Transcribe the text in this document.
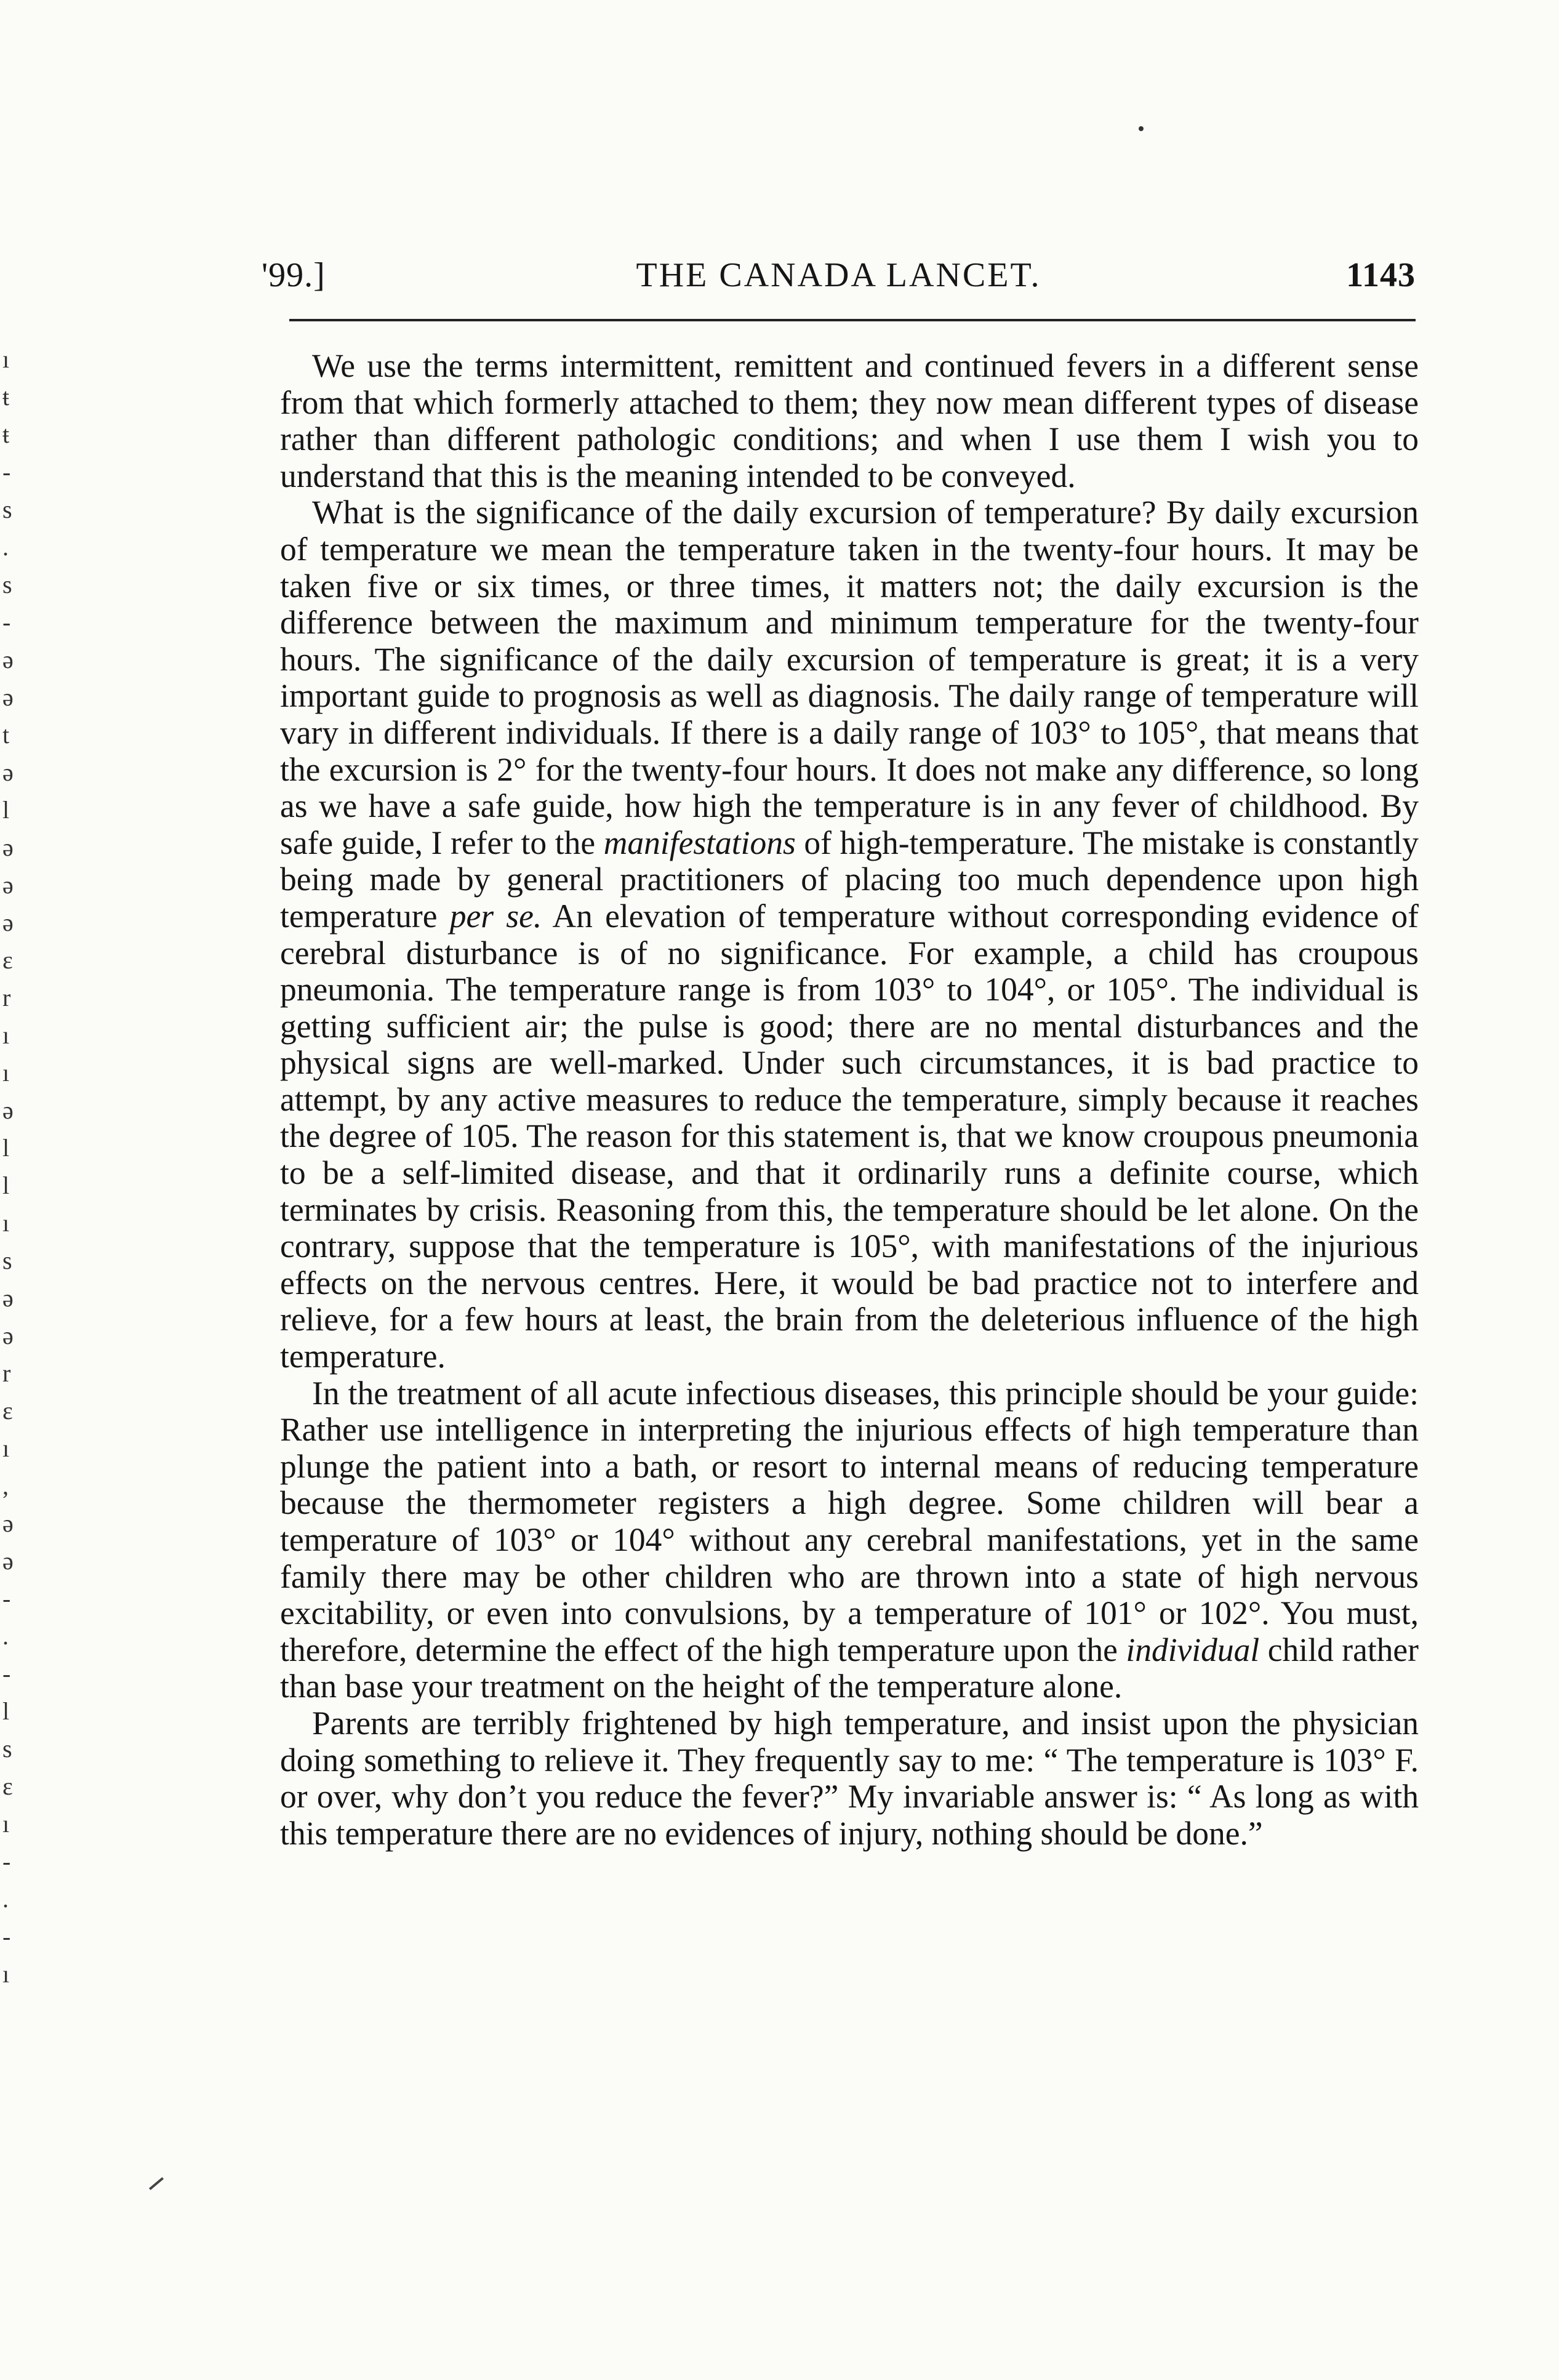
ı
ŧ
ŧ
-
s
.
s
-
ə
ə
t
ə
l
ə
ə
ə
ɛ
r
ı
ı
ə
l
l
ı
s
ə
ə
r
ɛ
ı
,
ə
ə
-
.
-
l
s
ɛ
ı
-
.
-
ı
'99.]	THE CANADA LANCET.	1143

We use the terms intermittent, remittent and continued fevers in a different sense from that which formerly attached to them; they now mean different types of disease rather than different pathologic conditions; and when I use them I wish you to understand that this is the meaning intended to be conveyed.

What is the significance of the daily excursion of temperature? By daily excursion of temperature we mean the temperature taken in the twenty-four hours. It may be taken five or six times, or three times, it matters not; the daily excursion is the difference between the maximum and minimum temperature for the twenty-four hours. The significance of the daily excursion of temperature is great; it is a very important guide to prognosis as well as diagnosis. The daily range of temperature will vary in different individuals. If there is a daily range of 103° to 105°, that means that the excursion is 2° for the twenty-four hours. It does not make any difference, so long as we have a safe guide, how high the temperature is in any fever of childhood. By safe guide, I refer to the manifestations of high-temperature. The mistake is constantly being made by general practitioners of placing too much dependence upon high temperature per se. An elevation of temperature without corresponding evidence of cerebral disturbance is of no significance. For example, a child has croupous pneumonia. The temperature range is from 103° to 104°, or 105°. The individual is getting sufficient air; the pulse is good; there are no mental disturbances and the physical signs are well-marked. Under such circumstances, it is bad practice to attempt, by any active measures to reduce the temperature, simply because it reaches the degree of 105. The reason for this statement is, that we know croupous pneumonia to be a self-limited disease, and that it ordinarily runs a definite course, which terminates by crisis. Reasoning from this, the temperature should be let alone. On the contrary, suppose that the temperature is 105°, with manifestations of the injurious effects on the nervous centres. Here, it would be bad practice not to interfere and relieve, for a few hours at least, the brain from the deleterious influence of the high temperature.

In the treatment of all acute infectious diseases, this principle should be your guide: Rather use intelligence in interpreting the injurious effects of high temperature than plunge the patient into a bath, or resort to internal means of reducing temperature because the thermometer registers a high degree. Some children will bear a temperature of 103° or 104° without any cerebral manifestations, yet in the same family there may be other children who are thrown into a state of high nervous excitability, or even into convulsions, by a temperature of 101° or 102°. You must, therefore, determine the effect of the high temperature upon the individual child rather than base your treatment on the height of the temperature alone.

Parents are terribly frightened by high temperature, and insist upon the physician doing something to relieve it. They frequently say to me: “ The temperature is 103° F. or over, why don’t you reduce the fever?” My invariable answer is: “ As long as with this temperature there are no evidences of injury, nothing should be done.”
